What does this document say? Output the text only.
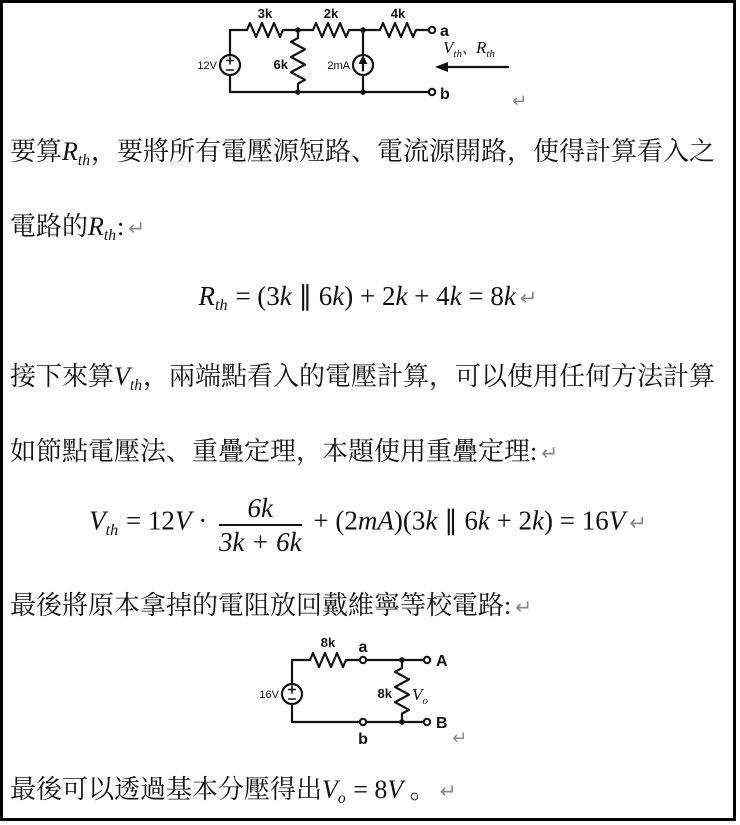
3k	2k	4k
6k
12V	2mA
a
b
$V_{th}^、R_{th}$
↵
要算Rth，要將所有電壓源短路、電流源開路，使得計算看入之
電路的Rth: ↵
Rth = (3k ∥ 6k) + 2k + 4k = 8k ↵
接下來算Vth，兩端點看入的電壓計算，可以使用任何方法計算
如節點電壓法、重疊定理，本題使用重疊定理: ↵
Vth = $12V \cdot \frac{6k}{3k + 6k} + (2mA)(3k$ ∥ 6k + 2k) = 16V ↵
最後將原本拿掉的電阻放回戴維寧等校電路: ↵
最後可以透過基本分壓得出Vo = 8V 。 ↵
8k
8k
16V
a
b
A
B
$V_o$
↵
